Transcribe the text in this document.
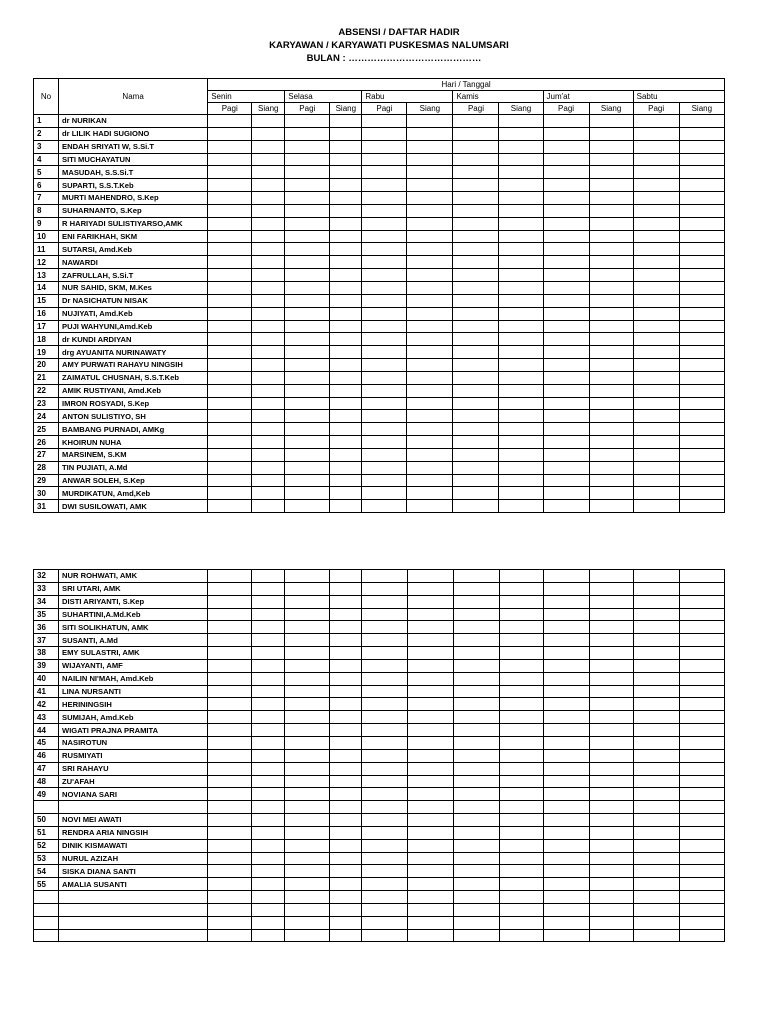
ABSENSI / DAFTAR HADIR
KARYAWAN / KARYAWATI PUSKESMAS NALUMSARI
BULAN : ……………………………………
No	Nama	Hari / Tanggal											
		Senin		Selasa		Rabu		Kamis		Jum'at		Sabtu	
		Pagi	Siang	Pagi	Siang	Pagi	Siang	Pagi	Siang	Pagi	Siang	Pagi	Siang
1	dr NURIKAN												
2	dr LILIK HADI SUGIONO												
3	ENDAH SRIYATI W, S.Si.T												
4	SITI MUCHAYATUN												
5	MASUDAH, S.S.Si.T												
6	SUPARTI, S.S.T.Keb												
7	MURTI MAHENDRO, S.Kep												
8	SUHARNANTO, S.Kep												
9	R HARIYADI SULISTIYARSO,AMK												
10	ENI FARIKHAH, SKM												
11	SUTARSI, Amd.Keb												
12	NAWARDI												
13	ZAFRULLAH, S.Si.T												
14	NUR SAHID, SKM, M.Kes												
15	Dr NASICHATUN NISAK												
16	NUJIYATI, Amd.Keb												
17	PUJI WAHYUNI,Amd.Keb												
18	dr KUNDI ARDIYAN												
19	drg AYUANITA NURINAWATY												
20	AMY PURWATI RAHAYU NINGSIH												
21	ZAIMATUL CHUSNAH, S.S.T.Keb												
22	AMIK RUSTIYANI, Amd.Keb												
23	IMRON ROSYADI, S.Kep												
24	ANTON SULISTIYO, SH												
25	BAMBANG PURNADI, AMKg												
26	KHOIRUN NUHA												
27	MARSINEM, S.KM												
28	TIN PUJIATI, A.Md												
29	ANWAR SOLEH, S.Kep												
30	MURDIKATUN, Amd,Keb												
31	DWI SUSILOWATI, AMK												
32	NUR ROHWATI, AMK												
33	SRI UTARI, AMK												
34	DISTI ARIYANTI, S.Kep												
35	SUHARTINI,A.Md.Keb												
36	SITI SOLIKHATUN, AMK												
37	SUSANTI, A.Md												
38	EMY SULASTRI, AMK												
39	WIJAYANTI, AMF												
40	NAILIN NI'MAH, Amd.Keb												
41	LINA NURSANTI												
42	HERININGSIH												
43	SUMIJAH, Amd.Keb												
44	WIGATI PRAJNA PRAMITA												
45	NASIROTUN												
46	RUSMIYATI												
47	SRI RAHAYU												
48	ZU'AFAH												
49	NOVIANA SARI												

50	NOVI MEI AWATI												
51	RENDRA ARIA NINGSIH												
52	DINIK KISMAWATI												
53	NURUL AZIZAH												
54	SISKA DIANA SANTI												
55	AMALIA SUSANTI												
